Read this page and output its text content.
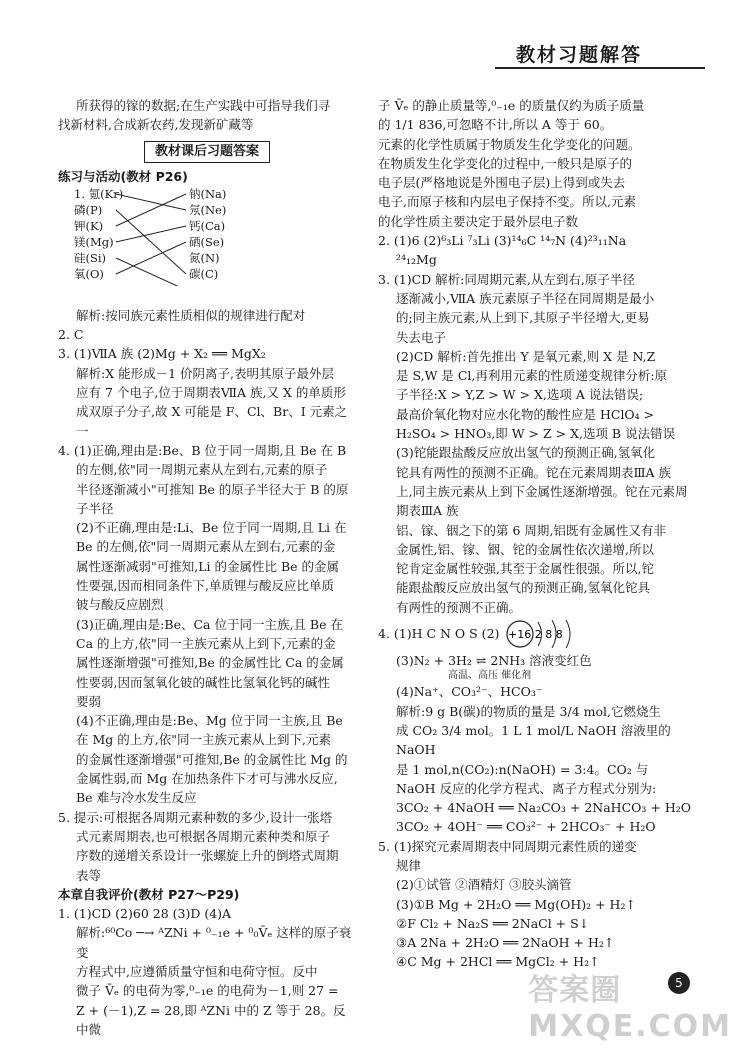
教材习题解答

所获得的镓的数据;在生产实践中可指导我们寻

找新材料,合成新农药,发现新矿藏等

教材课后习题答案

练习与活动(教材 P26)

1. 氪(Kr)
磷(P)
钾(K)
镁(Mg)
硅(Si)
氧(O)
钠(Na)
氖(Ne)
钙(Ca)
硒(Se)
氮(N)
碳(C)

解析:按同族元素性质相似的规律进行配对

2. C

3. (1)ⅦA 族 (2)Mg + X₂ ══ MgX₂

解析:X 能形成－1 价阴离子,表明其原子最外层

应有 7 个电子,位于周期表ⅦA 族,又 X 的单质形

成双原子分子,故 X 可能是 F、Cl、Br、I 元素之一

4. (1)正确,理由是:Be、B 位于同一周期,且 Be 在 B

的左侧,依"同一周期元素从左到右,元素的原子

半径逐渐减小"可推知 Be 的原子半径大于 B 的原

子半径

(2)不正确,理由是:Li、Be 位于同一周期,且 Li 在

Be 的左侧,依"同一周期元素从左到右,元素的金

属性逐渐减弱"可推知,Li 的金属性比 Be 的金属

性要强,因而相同条件下,单质锂与酸反应比单质

铍与酸反应剧烈

(3)正确,理由是:Be、Ca 位于同一主族,且 Be 在

Ca 的上方,依"同一主族元素从上到下,元素的金

属性逐渐增强"可推知,Be 的金属性比 Ca 的金属

性要弱,因而氢氧化铍的碱性比氢氧化钙的碱性

要弱

(4)不正确,理由是:Be、Mg 位于同一主族,且 Be

在 Mg 的上方,依"同一主族元素从上到下,元素

的金属性逐渐增强"可推知,Be 的金属性比 Mg 的

金属性弱,而 Mg 在加热条件下才可与沸水反应,

Be 难与冷水发生反应

5. 提示:可根据各周期元素种数的多少,设计一张塔

式元素周期表,也可根据各周期元素种类和原子

序数的递增关系设计一张螺旋上升的倒塔式周期

表等

本章自我评价(教材 P27～P29)

1. (1)CD (2)60 28 (3)D (4)A

解析:⁶⁰Co ─→ ᴬZNi + ⁰₋₁e + ⁰₀V̄ₑ 这样的原子衰变

方程式中,应遵循质量守恒和电荷守恒。反中

微子 V̄ₑ 的电荷为零,⁰₋₁e 的电荷为－1,则 27 =

Z + (－1),Z = 28,即 ᴬZNi 中的 Z 等于 28。反中微

子 V̄ₑ 的静止质量等,⁰₋₁e 的质量仅约为质子质量

的 1/1 836,可忽略不计,所以 A 等于 60。

元素的化学性质属于物质发生化学变化的问题。

在物质发生化学变化的过程中,一般只是原子的

电子层(严格地说是外围电子层)上得到或失去

电子,而原子核和内层电子保持不变。所以,元素

的化学性质主要决定于最外层电子数

2. (1)6 (2)⁶₃Li ⁷₃Li (3)¹⁴₆C ¹⁴₇N (4)²³₁₁Na

²⁴₁₂Mg

3. (1)CD 解析:同周期元素,从左到右,原子半径

逐渐减小,ⅦA 族元素原子半径在同周期是最小

的;同主族元素,从上到下,其原子半径增大,更易

失去电子

(2)CD 解析:首先推出 Y 是氧元素,则 X 是 N,Z

是 S,W 是 Cl,再利用元素的性质递变规律分析:原

子半径:X > Y,Z > W > X,选项 A 说法错误;

最高价氧化物对应水化物的酸性应是 HClO₄ >

H₂SO₄ > HNO₃,即 W > Z > X,选项 B 说法错误

(3)铊能跟盐酸反应放出氢气的预测正确,氢氧化

铊具有两性的预测不正确。铊在元素周期表ⅢA 族

上,同主族元素从上到下金属性逐渐增强。铊在元素周期表ⅢA 族

铝、镓、铟之下的第 6 周期,铝既有金属性又有非

金属性,铝、镓、铟、铊的金属性依次递增,所以

铊肯定金属性较强,其至于金属性很强。所以,铊

能跟盐酸反应放出氢气的预测正确,氢氧化铊具

有两性的预测不正确。

4. (1)H C N O S (2) +16 2 8 8

(3)N₂ + 3H₂ ⇌ 2NH₃ 溶液变红色

高温、高压 催化剂

(4)Na⁺、CO₃²⁻、HCO₃⁻

解析:9 g B(碳)的物质的量是 3/4 mol,它燃烧生

成 CO₂ 3/4 mol。1 L 1 mol/L NaOH 溶液里的 NaOH

是 1 mol,n(CO₂):n(NaOH) = 3:4。CO₂ 与

NaOH 反应的化学方程式、离子方程式分别为:

3CO₂ + 4NaOH ══ Na₂CO₃ + 2NaHCO₃ + H₂O

3CO₂ + 4OH⁻ ══ CO₃²⁻ + 2HCO₃⁻ + H₂O

5. (1)探究元素周期表中同周期元素性质的递变

规律

(2)①试管 ②酒精灯 ③胶头滴管

(3)①B Mg + 2H₂O ══ Mg(OH)₂ + H₂↑

②F Cl₂ + Na₂S ══ 2NaCl + S↓

③A 2Na + 2H₂O ══ 2NaOH + H₂↑

④C Mg + 2HCl ══ MgCl₂ + H₂↑

5
答案圈
MXQE.COM
